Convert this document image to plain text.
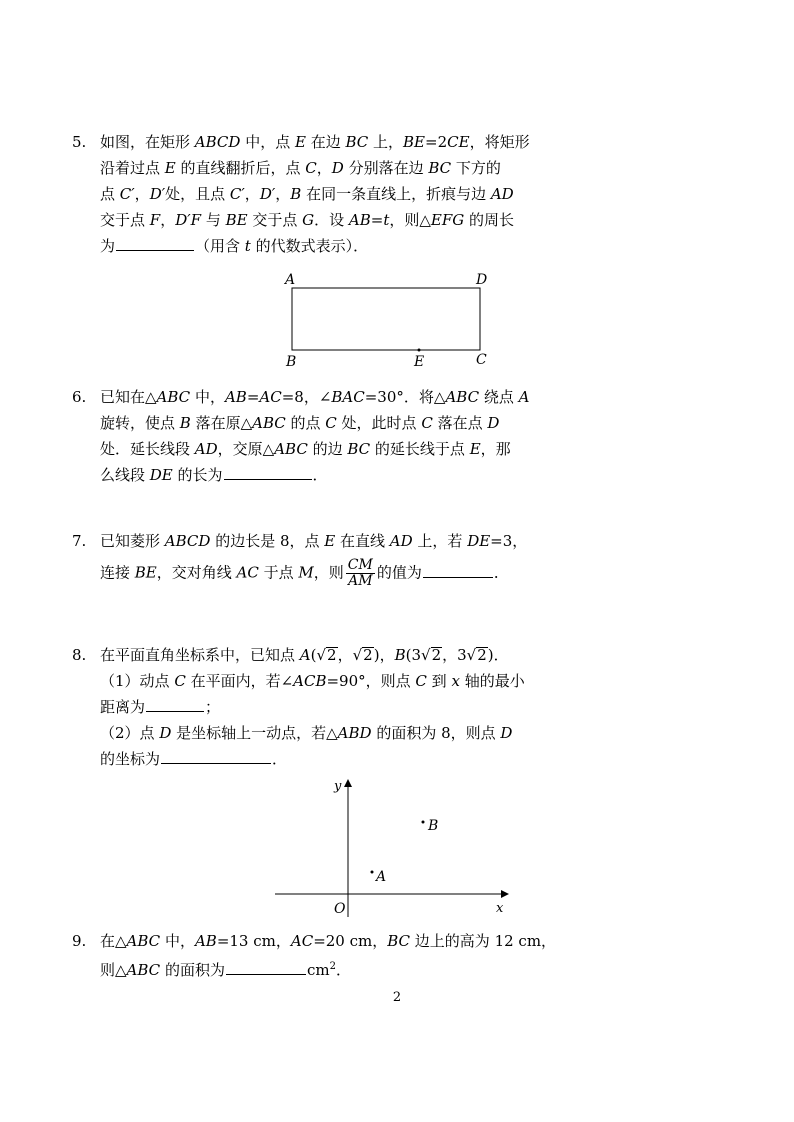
5. 如图，在矩形 ABCD 中，点 E 在边 BC 上，BE=2CE，将矩形
沿着过点 E 的直线翻折后，点 C，D 分别落在边 BC 下方的
点 C′，D′处，且点 C′，D′，B 在同一条直线上，折痕与边 AD
交于点 F，D′F 与 BE 交于点 G．设 AB=t，则△EFG 的周长
为	（用含 t 的代数式表示）．
A	D
B	E	C
6. 已知在△ABC 中，AB=AC=8，∠BAC=30°．将△ABC 绕点 A
旋转，使点 B 落在原△ABC 的点 C 处，此时点 C 落在点 D
处．延长线段 AD，交原△ABC 的边 BC 的延长线于点 E，那
么线段 DE 的长为	．
7. 已知菱形 ABCD 的边长是 8，点 E 在直线 AD 上，若 DE=3，
连接 BE，交对角线 AC 于点 M，则 $\frac{CM}{AM}$ 的值为	．
8. 在平面直角坐标系中，已知点 A(√2，√2)，B(3√2，3√2)．
（1）动点 C 在平面内，若∠ACB=90°，则点 C 到 x 轴的最小
距离为	；
（2）点 D 是坐标轴上一动点，若△ABD 的面积为 8，则点 D
的坐标为	．
y
x
O
A
B
9. 在△ABC 中，AB=13 cm，AC=20 cm，BC 边上的高为 12 cm，
则△ABC 的面积为	$cm^2$．
2
